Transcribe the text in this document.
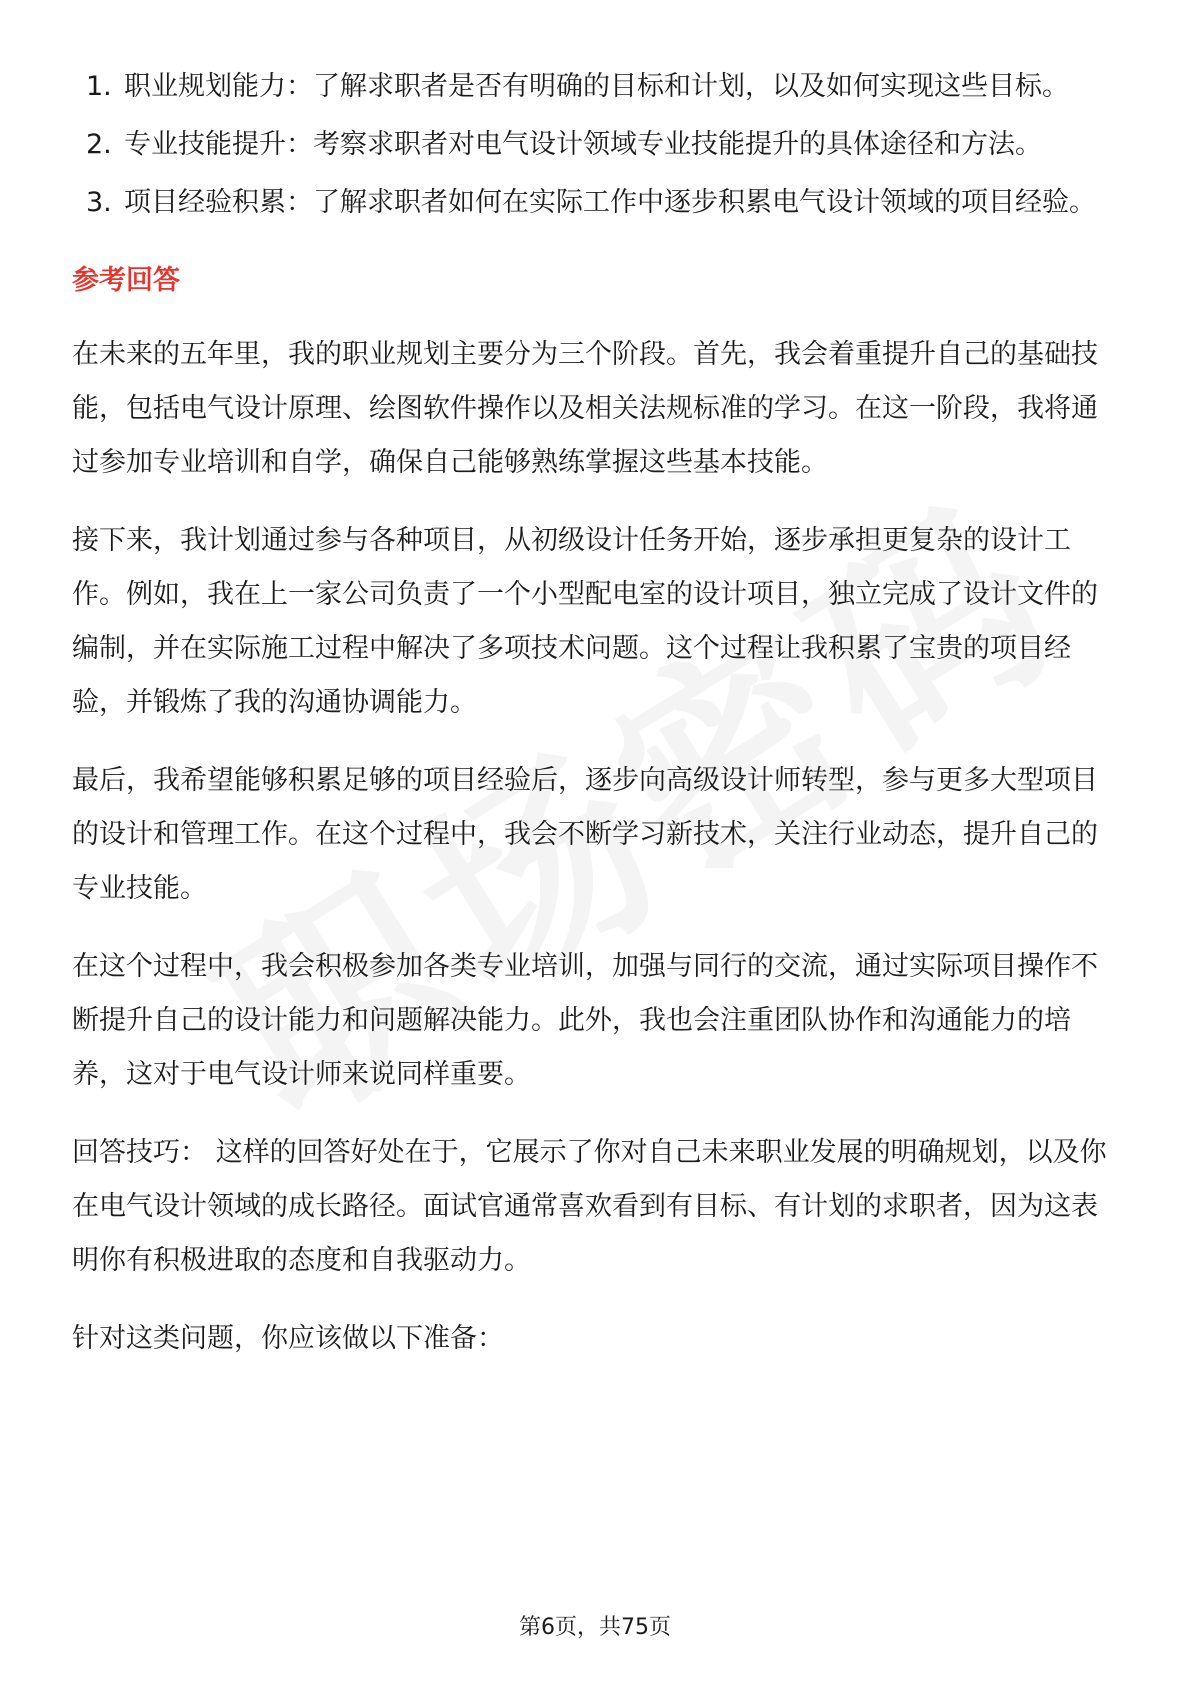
1. 职业规划能力：了解求职者是否有明确的目标和计划，以及如何实现这些目标。
2. 专业技能提升：考察求职者对电气设计领域专业技能提升的具体途径和方法。
3. 项目经验积累：了解求职者如何在实际工作中逐步积累电气设计领域的项目经验。
参考回答

在未来的五年里，我的职业规划主要分为三个阶段。首先，我会着重提升自己的基础技能，包括电气设计原理、绘图软件操作以及相关法规标准的学习。在这一阶段，我将通过参加专业培训和自学，确保自己能够熟练掌握这些基本技能。

接下来，我计划通过参与各种项目，从初级设计任务开始，逐步承担更复杂的设计工作。例如，我在上一家公司负责了一个小型配电室的设计项目，独立完成了设计文件的编制，并在实际施工过程中解决了多项技术问题。这个过程让我积累了宝贵的项目经验，并锻炼了我的沟通协调能力。

最后，我希望能够积累足够的项目经验后，逐步向高级设计师转型，参与更多大型项目的设计和管理工作。在这个过程中，我会不断学习新技术，关注行业动态，提升自己的专业技能。

在这个过程中，我会积极参加各类专业培训，加强与同行的交流，通过实际项目操作不断提升自己的设计能力和问题解决能力。此外，我也会注重团队协作和沟通能力的培养，这对于电气设计师来说同样重要。

回答技巧： 这样的回答好处在于，它展示了你对自己未来职业发展的明确规划，以及你在电气设计领域的成长路径。面试官通常喜欢看到有目标、有计划的求职者，因为这表明你有积极进取的态度和自我驱动力。

针对这类问题，你应该做以下准备：

第6页，共75页
